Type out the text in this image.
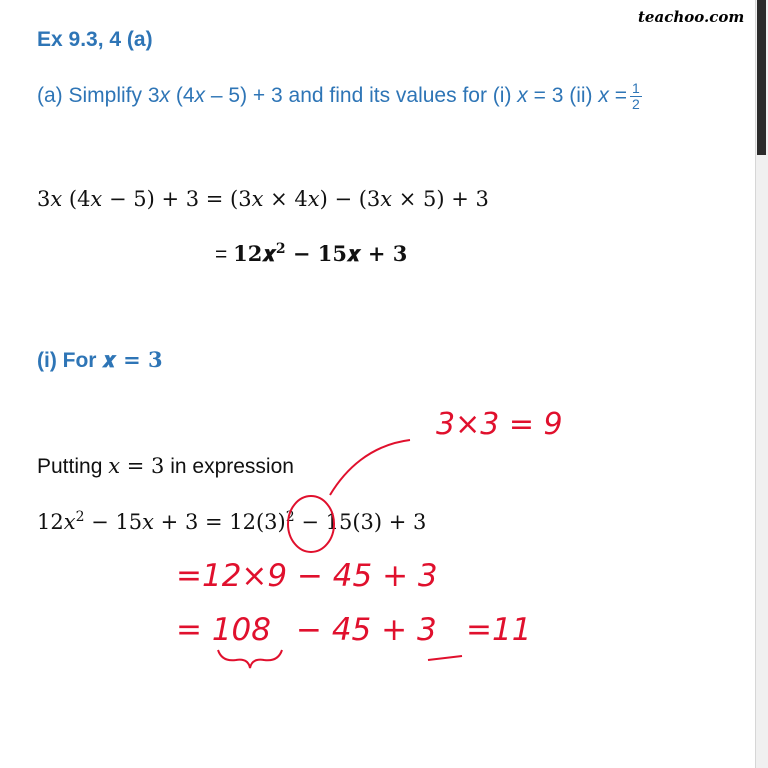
Ex 9.3, 4 (a)
teachoo.com
(a) Simplify 3x (4x – 5) + 3 and find its values for (i) x = 3 (ii) $x = \frac{1}{2}$
3𝑥 (4𝑥 − 5) + 3 = (3𝑥 × 4𝑥) − (3𝑥 × 5) + 3
= 12𝒙$^2$ − 15𝒙 + 3
(i) For 𝒙 = 𝟑
Putting 𝑥 = 3 in expression
12𝑥$^2$ − 15𝑥 + $3 = 12(3)^2 - 15(3) + 3$
3×3 = 9
=12×9 − 45 + 3
= 108 − 45 + 3 =11
